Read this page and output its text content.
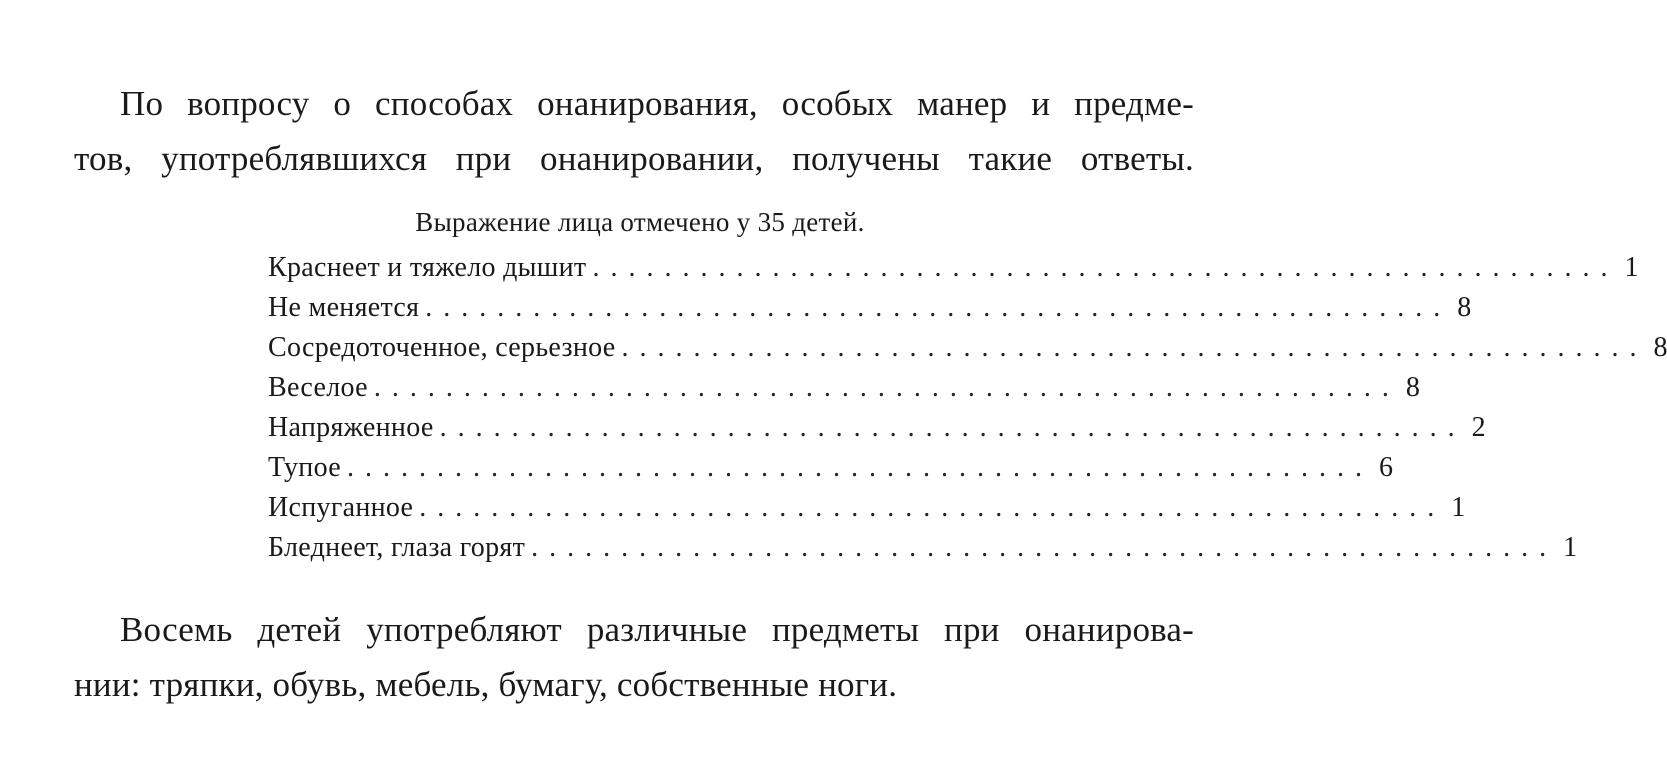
По вопросу о способах онанирования, особых манер и предме-
тов, употреблявшихся при онанировании, получены такие ответы.
Выражение лица отмечено у 35 детей.
Краснеет и тяжело дышит ......................................................... 1
Не меняется ......................................................... 8
Сосредоточенное, серьезное ......................................................... 8
Веселое ......................................................... 8
Напряженное ......................................................... 2
Тупое ......................................................... 6
Испуганное ......................................................... 1
Бледнеет, глаза горят ......................................................... 1
Восемь детей употребляют различные предметы при онанирова-
нии: тряпки, обувь, мебель, бумагу, собственные ноги.
